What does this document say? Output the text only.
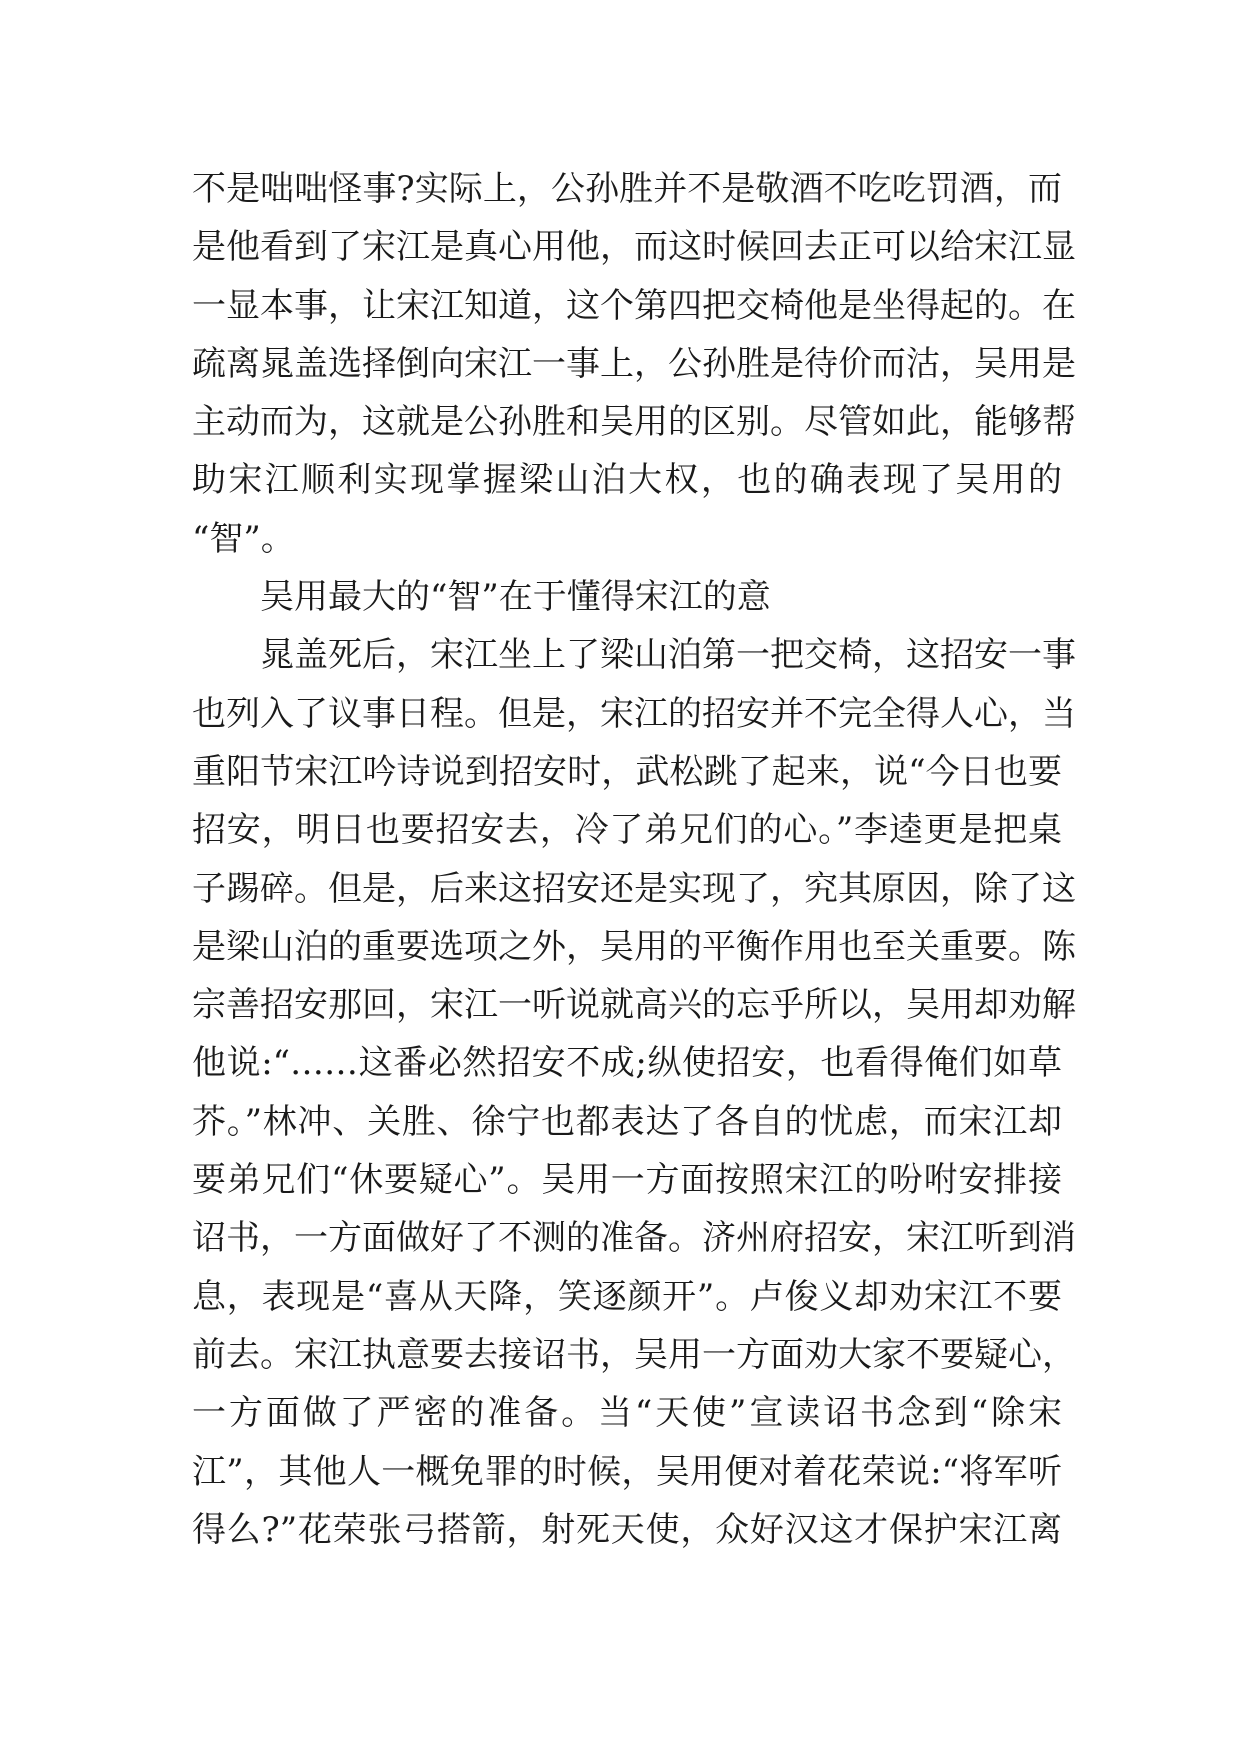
不是咄咄怪事?实际上，公孙胜并不是敬酒不吃吃罚酒，而
是他看到了宋江是真心用他，而这时候回去正可以给宋江显
一显本事，让宋江知道，这个第四把交椅他是坐得起的。在
疏离晁盖选择倒向宋江一事上，公孙胜是待价而沽，吴用是
主动而为，这就是公孙胜和吴用的区别。尽管如此，能够帮
助宋江顺利实现掌握梁山泊大权，也的确表现了吴用的
“智”。
吴用最大的“智”在于懂得宋江的意
晁盖死后，宋江坐上了梁山泊第一把交椅，这招安一事
也列入了议事日程。但是，宋江的招安并不完全得人心，当
重阳节宋江吟诗说到招安时，武松跳了起来，说“今日也要
招安，明日也要招安去，冷了弟兄们的心。”李逵更是把桌
子踢碎。但是，后来这招安还是实现了，究其原因，除了这
是梁山泊的重要选项之外，吴用的平衡作用也至关重要。陈
宗善招安那回，宋江一听说就高兴的忘乎所以，吴用却劝解
他说:“……这番必然招安不成;纵使招安，也看得俺们如草
芥。”林冲、关胜、徐宁也都表达了各自的忧虑，而宋江却
要弟兄们“休要疑心”。吴用一方面按照宋江的吩咐安排接
诏书，一方面做好了不测的准备。济州府招安，宋江听到消
息，表现是“喜从天降，笑逐颜开”。卢俊义却劝宋江不要
前去。宋江执意要去接诏书，吴用一方面劝大家不要疑心，
一方面做了严密的准备。当“天使”宣读诏书念到“除宋
江”，其他人一概免罪的时候，吴用便对着花荣说:“将军听
得么?”花荣张弓搭箭，射死天使，众好汉这才保护宋江离
